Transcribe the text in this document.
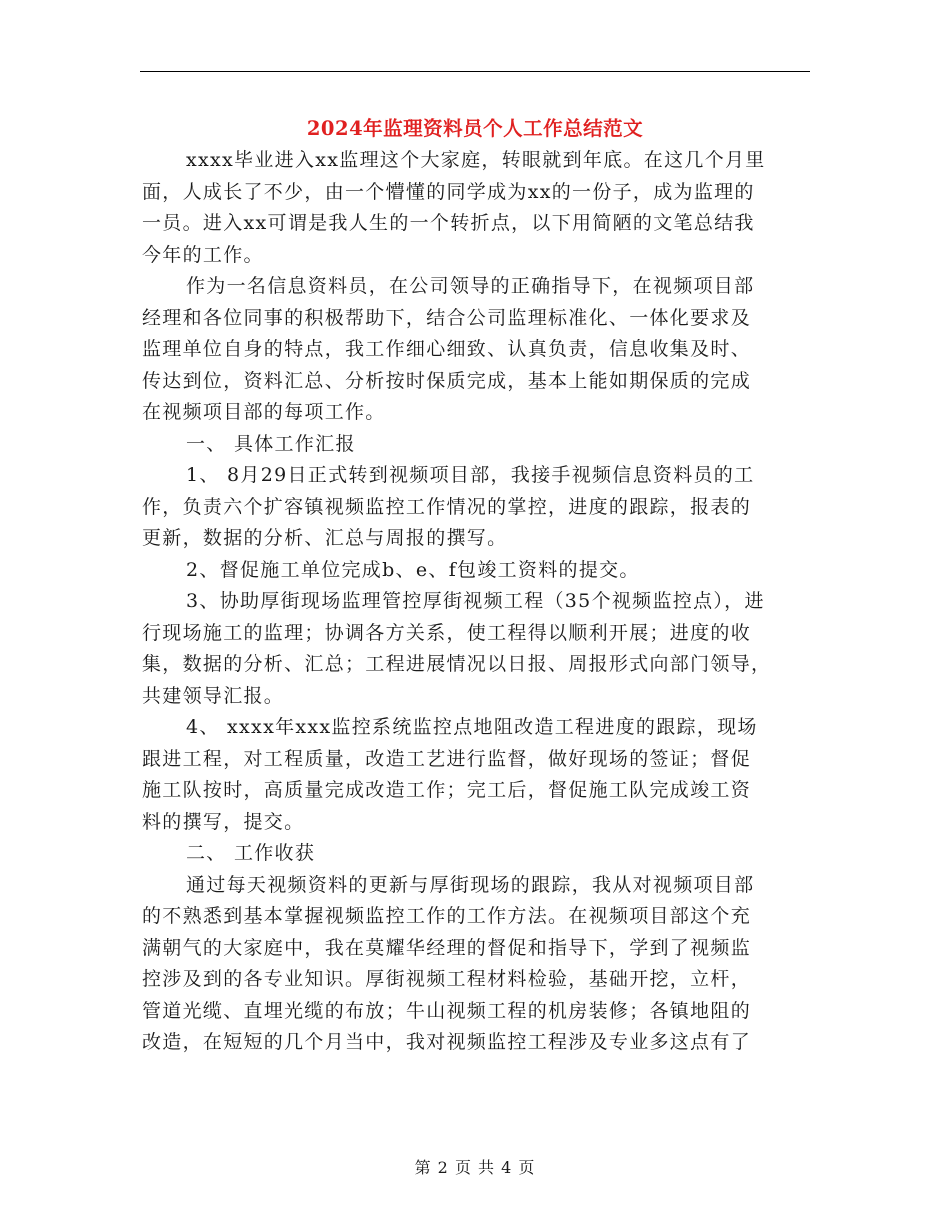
2024年监理资料员个人工作总结范文
xxxx毕业进入xx监理这个大家庭，转眼就到年底。在这几个月里
面，人成长了不少，由一个懵懂的同学成为xx的一份子，成为监理的
一员。进入xx可谓是我人生的一个转折点，以下用简陋的文笔总结我
今年的工作。
作为一名信息资料员，在公司领导的正确指导下，在视频项目部
经理和各位同事的积极帮助下，结合公司监理标准化、一体化要求及
监理单位自身的特点，我工作细心细致、认真负责，信息收集及时、
传达到位，资料汇总、分析按时保质完成，基本上能如期保质的完成
在视频项目部的每项工作。
一、 具体工作汇报
1、 8月29日正式转到视频项目部，我接手视频信息资料员的工
作，负责六个扩容镇视频监控工作情况的掌控，进度的跟踪，报表的
更新，数据的分析、汇总与周报的撰写。
2、督促施工单位完成b、e、f包竣工资料的提交。
3、协助厚街现场监理管控厚街视频工程（35个视频监控点），进
行现场施工的监理；协调各方关系，使工程得以顺利开展；进度的收
集，数据的分析、汇总；工程进展情况以日报、周报形式向部门领导，
共建领导汇报。
4、 xxxx年xxx监控系统监控点地阻改造工程进度的跟踪，现场
跟进工程，对工程质量，改造工艺进行监督，做好现场的签证；督促
施工队按时，高质量完成改造工作；完工后，督促施工队完成竣工资
料的撰写，提交。
二、 工作收获
通过每天视频资料的更新与厚街现场的跟踪，我从对视频项目部
的不熟悉到基本掌握视频监控工作的工作方法。在视频项目部这个充
满朝气的大家庭中，我在莫耀华经理的督促和指导下，学到了视频监
控涉及到的各专业知识。厚街视频工程材料检验，基础开挖，立杆，
管道光缆、直埋光缆的布放；牛山视频工程的机房装修；各镇地阻的
改造，在短短的几个月当中，我对视频监控工程涉及专业多这点有了
第 2 页 共 4 页
